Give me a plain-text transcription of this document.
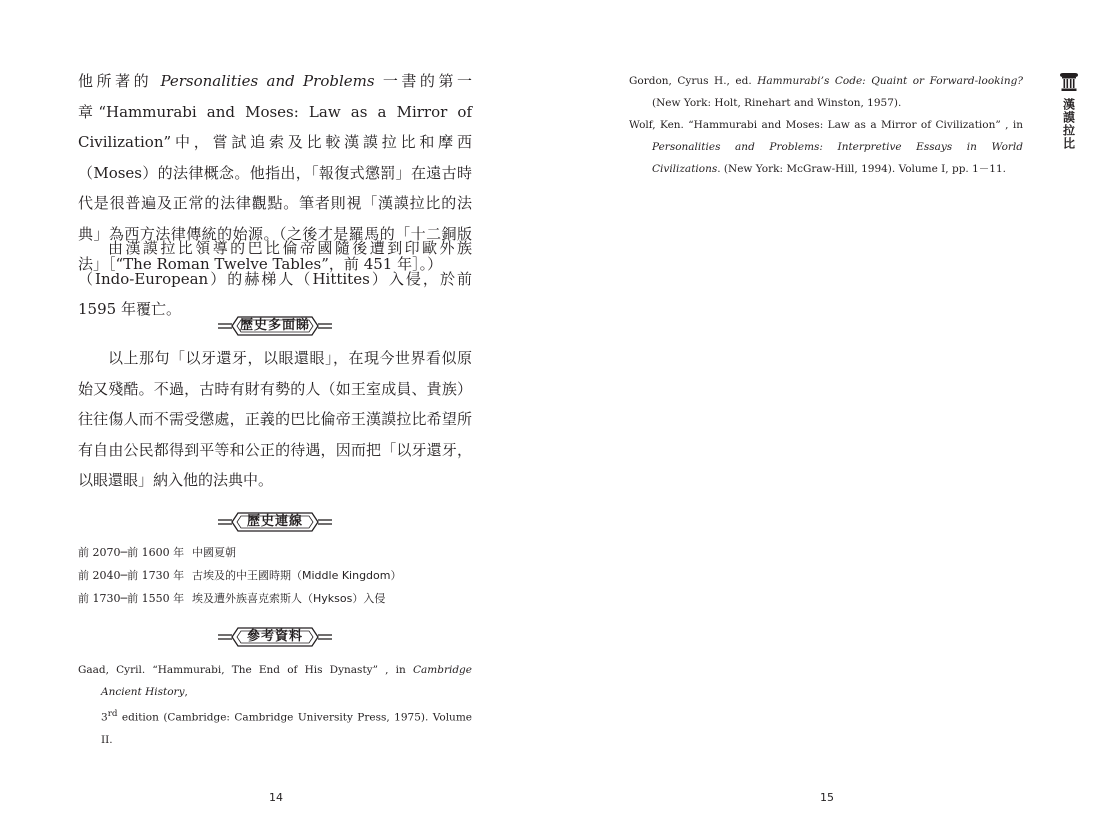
他所著的 Personalities and Problems 一書的第一章“Hammurabi and Moses: Law as a Mirror of Civilization”中，嘗試追索及比較漢謨拉比和摩西（Moses）的法律概念。他指出，「報復式懲罰」在遠古時代是很普遍及正常的法律觀點。筆者則視「漢謨拉比的法典」為西方法律傳統的始源。（之後才是羅馬的「十二銅版法」［“The Roman Twelve Tables”，前 451 年］。）

由漢謨拉比領導的巴比倫帝國隨後遭到印歐外族（Indo-European）的赫梯人（Hittites）入侵，於前 1595 年覆亡。

歷史多面睇

以上那句「以牙還牙，以眼還眼」，在現今世界看似原始又殘酷。不過，古時有財有勢的人（如王室成員、貴族）往往傷人而不需受懲處，正義的巴比倫帝王漢謨拉比希望所有自由公民都得到平等和公正的待遇，因而把「以牙還牙，以眼還眼」納入他的法典中。

歷史連線
前 2070─前 1600 年 中國夏朝
前 2040─前 1730 年 古埃及的中王國時期（Middle Kingdom）
前 1730─前 1550 年 埃及遭外族喜克索斯人（Hyksos）入侵
參考資料

Gaad, Cyril. “Hammurabi, The End of His Dynasty” , in Cambridge Ancient History,
3rd edition (Cambridge: Cambridge University Press, 1975). Volume II.

14

Gordon, Cyrus H., ed. Hammurabi’s Code: Quaint or Forward-looking? (New York: Holt, Rinehart and Winston, 1957).

Wolf, Ken. “Hammurabi and Moses: Law as a Mirror of Civilization” , in Personalities and Problems: Interpretive Essays in World Civilizations. (New York: McGraw-Hill, 1994). Volume I, pp. 1－11.

漢謨拉比
15
